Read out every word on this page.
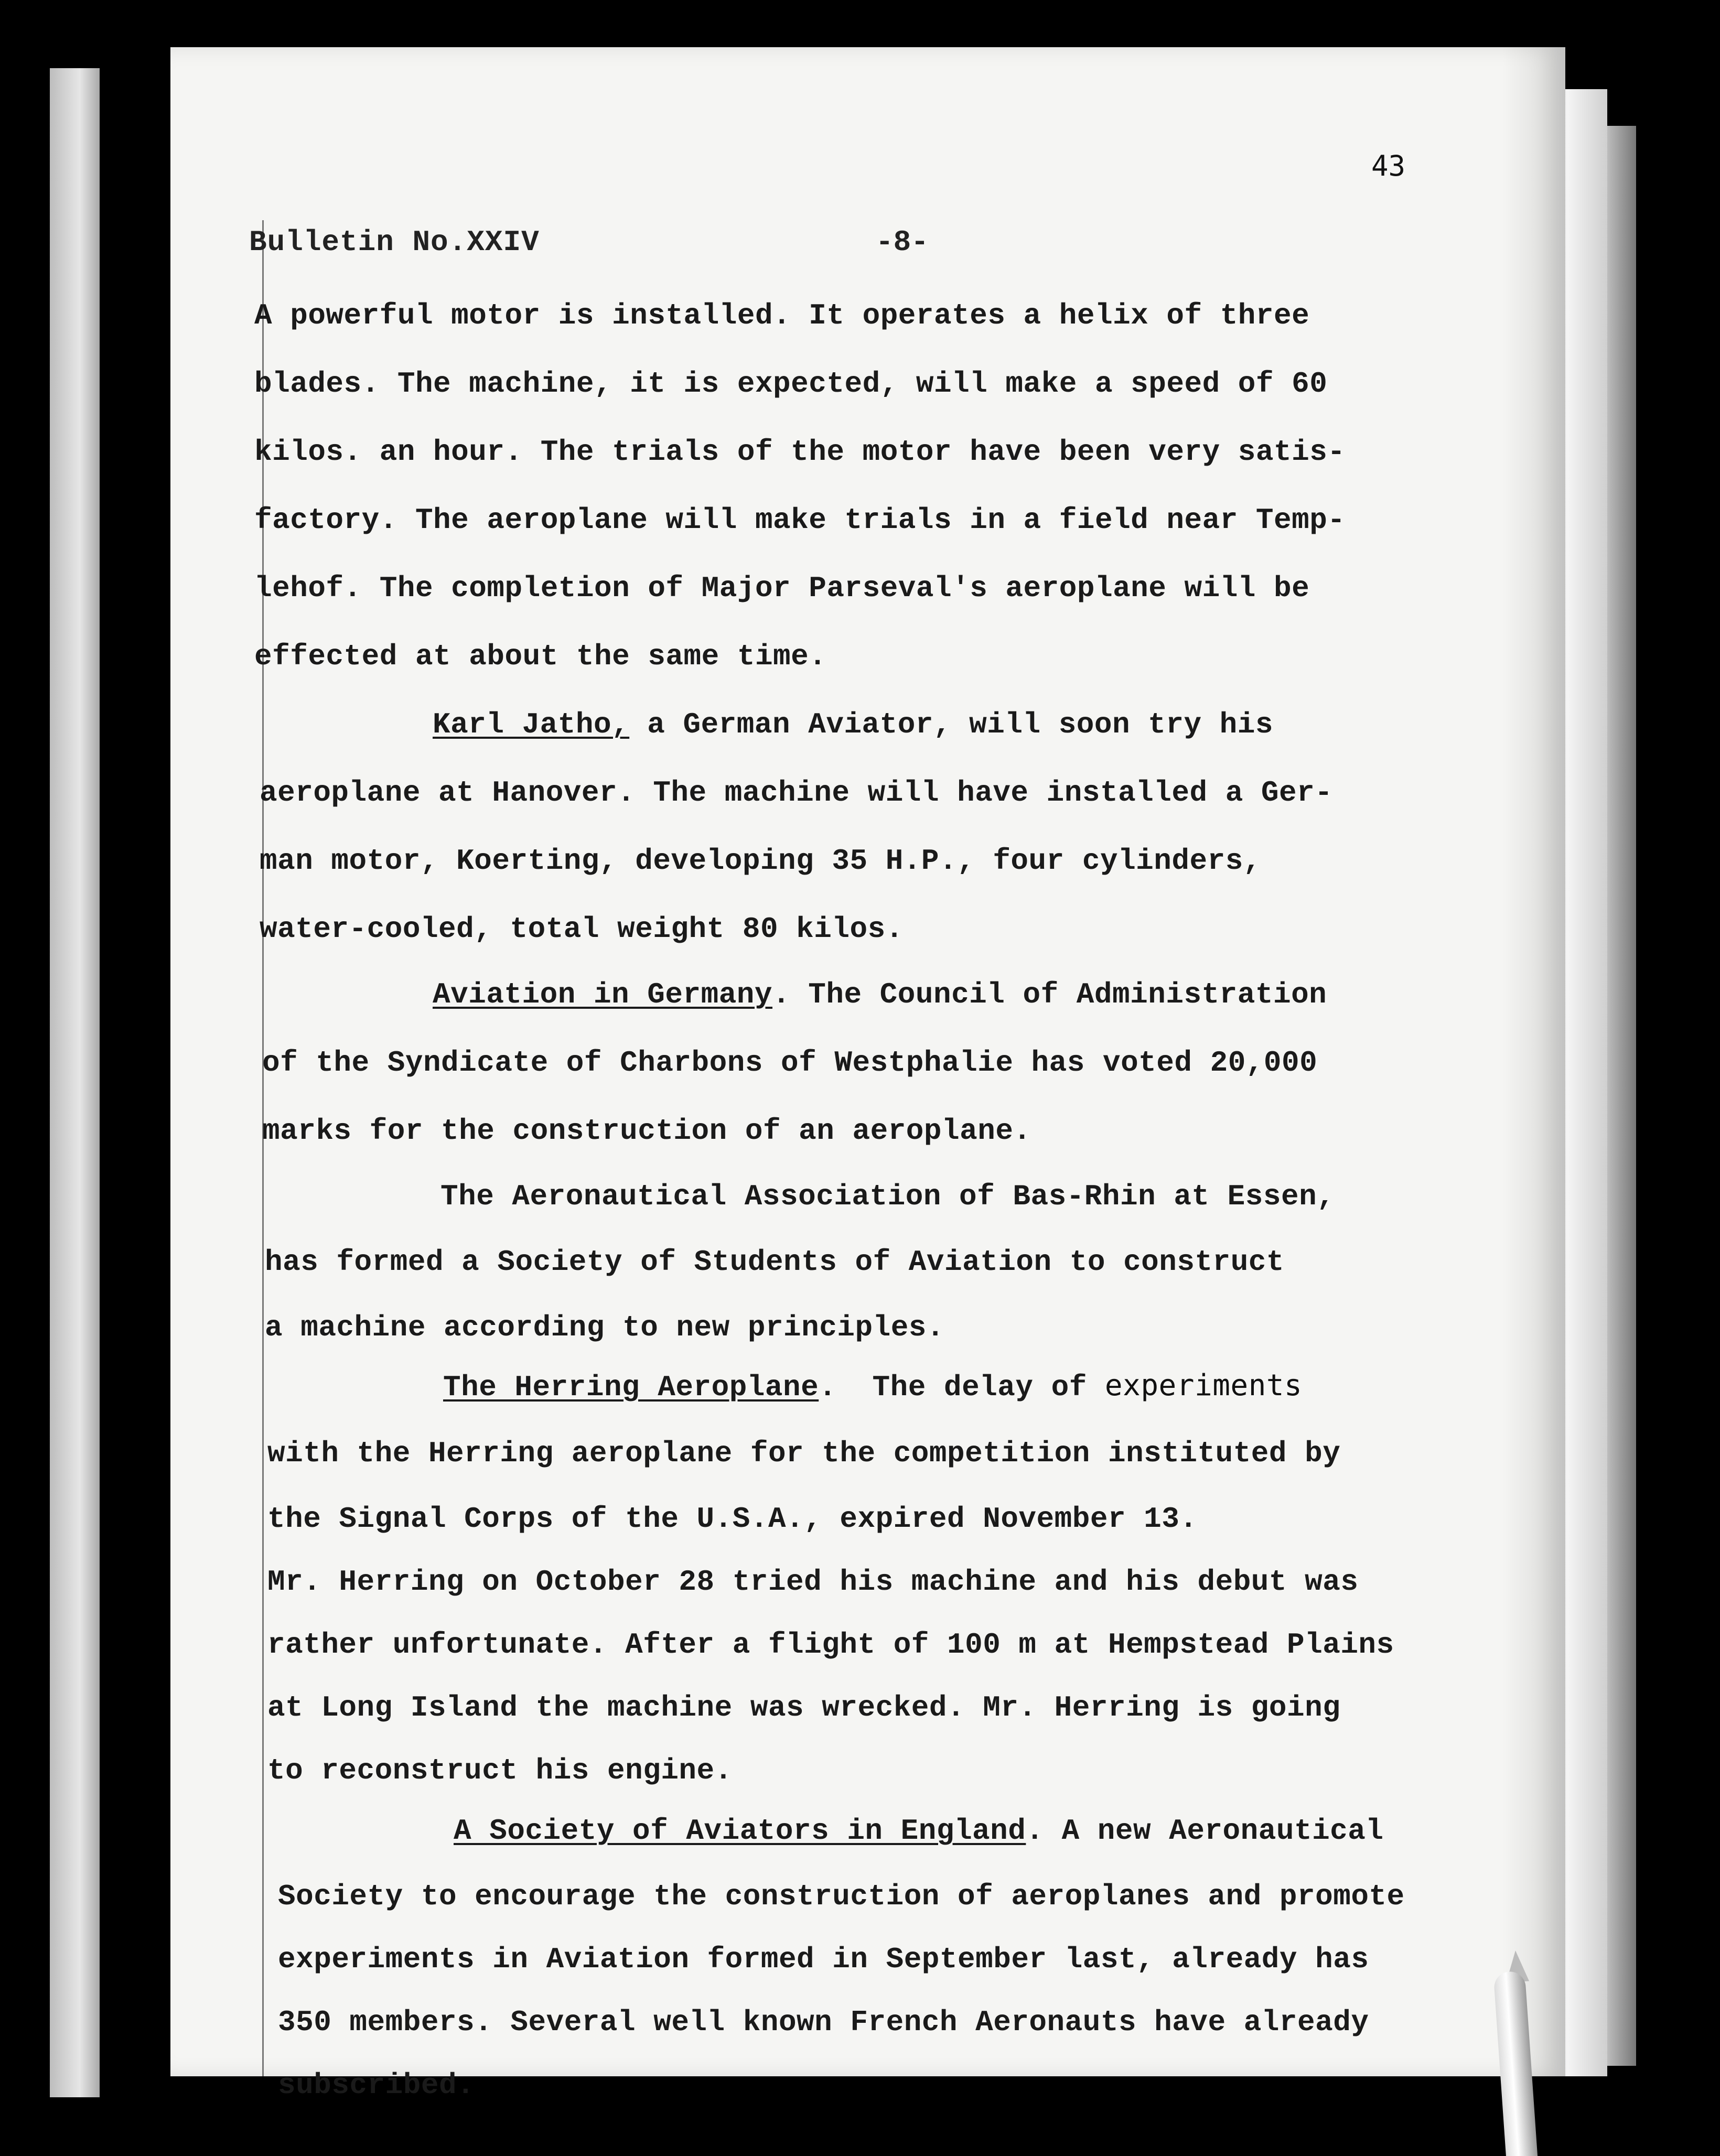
43
Bulletin No.XXIV	-8-
A powerful motor is installed. It operates a helix of three
blades. The machine, it is expected, will make a speed of 60
kilos. an hour. The trials of the motor have been very satis-
factory. The aeroplane will make trials in a field near Temp-
lehof. The completion of Major Parseval's aeroplane will be
effected at about the same time.
Karl Jatho, a German Aviator, will soon try his
aeroplane at Hanover. The machine will have installed a Ger-
man motor, Koerting, developing 35 H.P., four cylinders,
water-cooled, total weight 80 kilos.
Aviation in Germany. The Council of Administration
of the Syndicate of Charbons of Westphalie has voted 20,000
marks for the construction of an aeroplane.
The Aeronautical Association of Bas-Rhin at Essen,
has formed a Society of Students of Aviation to construct
a machine according to new principles.
The Herring Aeroplane.  The delay of experiments
with the Herring aeroplane for the competition instituted by
the Signal Corps of the U.S.A., expired November 13.
Mr. Herring on October 28 tried his machine and his debut was
rather unfortunate. After a flight of 100 m at Hempstead Plains
at Long Island the machine was wrecked. Mr. Herring is going
to reconstruct his engine.
A Society of Aviators in England. A new Aeronautical
Society to encourage the construction of aeroplanes and promote
experiments in Aviation formed in September last, already has
350 members. Several well known French Aeronauts have already
subscribed.
